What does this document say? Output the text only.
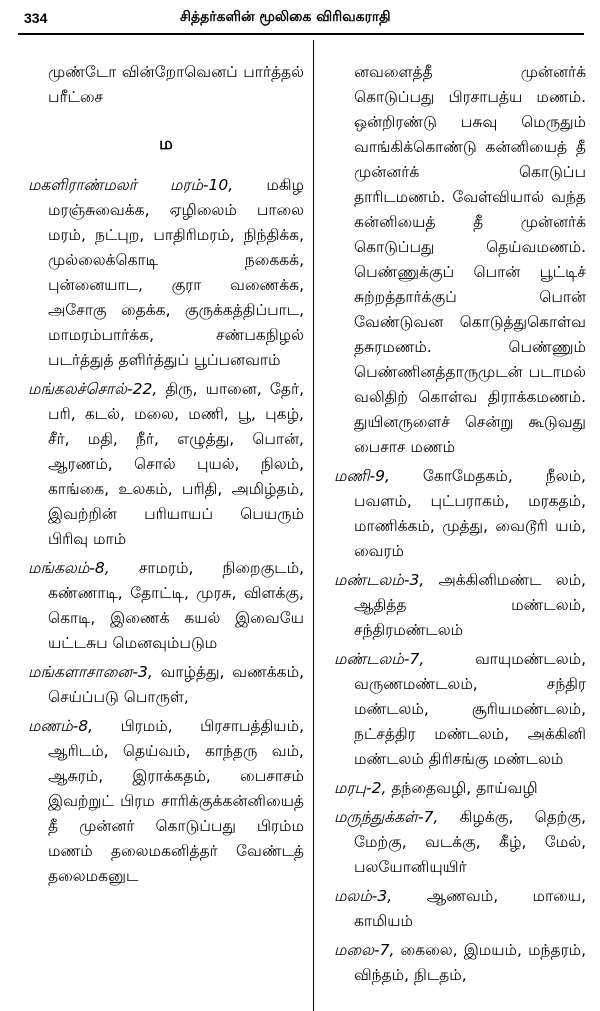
334	சித்தர்களின் மூலிகை விரிவகராதி

முண்டோ வின்றோவெனப் பார்த்தல் பரீட்சை

ம

மகளிராண்மலர் மரம்-10, மகிழ மரஞ்சுவைக்க, ஏழிலைம் பாலை மரம், நட்புற, பாதிரிமரம், நிந்திக்க, முல்லைக்கொடி நகைகக், புன்னையாட, குரா வணைக்க, அசோகு தைக்க, குருக்கத்திப்பாட, மாமரம்பார்க்க, சண்பகநிழல் படர்த்துத் தளிர்த்துப் பூப்பனவாம்

மங்கலச்சொல்-22, திரு, யானை, தேர், பரி, கடல், மலை, மணி, பூ, புகழ், சீர், மதி, நீர், எழுத்து, பொன், ஆரணம், சொல் புயல், நிலம், காங்கை, உலகம், பரிதி, அமிழ்தம், இவற்றின் பரியாயப் பெயரும் பிரிவு மாம்

மங்கலம்-8, சாமரம், நிறைகுடம், கண்ணாடி, தோட்டி, முரசு, விளக்கு, கொடி, இணைக் கயல் இவையே யட்டசுப மெனவும்படும

மங்களாசானை-3, வாழ்த்து, வணக்கம், செய்ப்படு பொருள்,

மணம்-8, பிரமம், பிரசாபத்தியம், ஆரிடம், தெய்வம், காந்தரு வம், ஆசுரம், இராக்கதம், பைசாசம் இவற்றுட் பிரம சாரிக்குக்கன்னியைத் தீ முன்னர் கொடுப்பது பிரம்ம மணம் தலைமகனித்தர் வேண்டத் தலைமகனுட

னவளைத்தீ முன்னர்க் கொடுப்பது பிரசாபத்ய மணம். ஒன்றிரண்டு பசுவு மெருதும் வாங்கிக்கொண்டு கன்னியைத் தீ முன்னர்க் கொடுப்ப தாரிடமணம். வேள்வியால் வந்த கன்னியைத் தீ முன்னர்க் கொடுப்பது தெய்வமணம். பெண்ணுக்குப் பொன் பூட்டிச் சுற்றத்தார்க்குப் பொன் வேண்டுவன கொடுத்துகொள்வ தசுரமணம். பெண்ணும் பெண்ணினத்தாருமுடன் படாமல் வலிதிற் கொள்வ திராக்கமணம். துயினருளைச் சென்று கூடுவது பைசாச மணம்

மணி-9, கோமேதகம், நீலம், பவளம், புட்பராகம், மரகதம், மாணிக்கம், முத்து, வைடூரி யம், வைரம்

மண்டலம்-3, அக்கினிமண்ட லம், ஆதித்த மண்டலம், சந்திரமண்டலம்

மண்டலம்-7, வாயுமண்டலம், வருணமண்டலம், சந்திர மண்டலம், சூரியமண்டலம், நட்சத்திர மண்டலம், அக்கினி மண்டலம் திரிசங்கு மண்டலம்

மரபு-2, தந்தைவழி, தாய்வழி

மருந்துக்கள்-7, கிழக்கு, தெற்கு, மேற்கு, வடக்கு, கீழ், மேல், பலயோனியுயிர்

மலம்-3, ஆணவம், மாயை, காமியம்

மலை-7, கைலை, இமயம், மந்தரம், விந்தம், நிடதம்,
